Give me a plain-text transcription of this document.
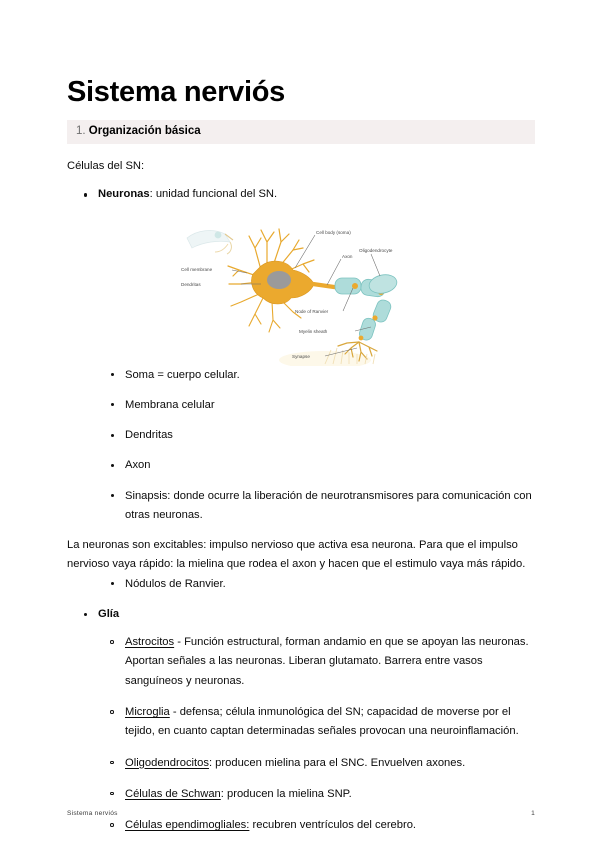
Sistema nerviós
1. Organización básica

Células del SN:

Neuronas: unidad funcional del SN.
Cell body (soma)
Axon
Oligodendrocyte
Cell membrane
Dendritas
Node of Ranvier
Myelin sheath
Synapse
Soma = cuerpo celular.
Membrana celular
Dendritas
Axon
Sinapsis: donde ocurre la liberación de neurotransmisores para comunicación con otras neuronas.

La neuronas son excitables: impulso nervioso que activa esa neurona. Para que el impulso nervioso vaya rápido: la mielina que rodea el axon y hacen que el estimulo vaya más rápido.

Nódulos de Ranvier.
Glía
Astrocitos - Función estructural, forman andamio en que se apoyan las neuronas. Aportan señales a las neuronas. Liberan glutamato. Barrera entre vasos sanguíneos y neuronas.
Microglia - defensa; célula inmunológica del SN; capacidad de moverse por el tejido, en cuanto captan determinadas señales provocan una neuroinflamación.
Oligodendrocitos: producen mielina para el SNC. Envuelven axones.
Células de Schwan: producen la mielina SNP.
Células ependimogliales: recubren ventrículos del cerebro.
Sistema nerviós	1
